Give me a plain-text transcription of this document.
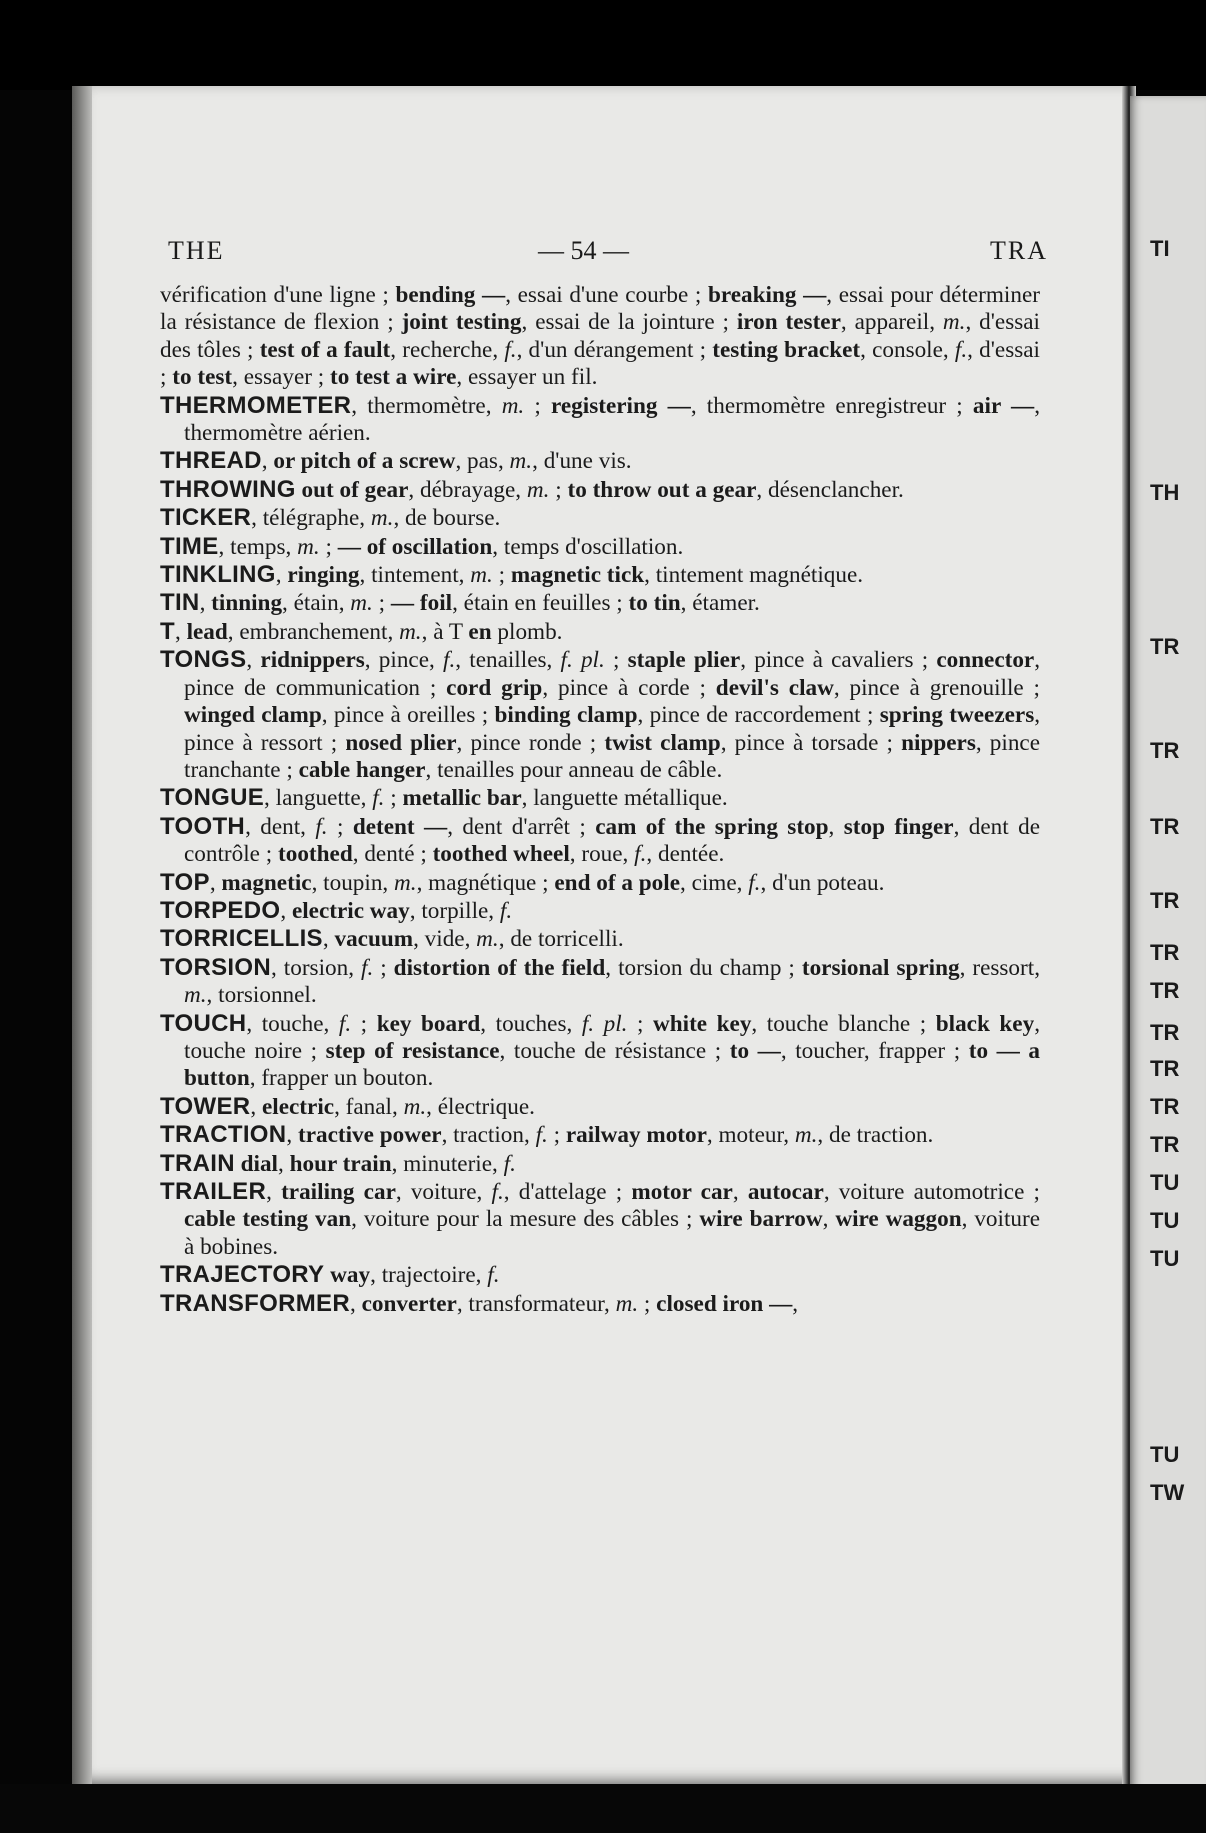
THE	— 54 —	TRA
vérification d'une ligne ; bending —, essai d'une courbe ; breaking —, essai pour déterminer la résistance de flexion ; joint testing, essai de la jointure ; iron tester, appareil, m., d'essai des tôles ; test of a fault, recherche, f., d'un dérangement ; testing bracket, console, f., d'essai ; to test, essayer ; to test a wire, essayer un fil.
THERMOMETER, thermomètre, m. ; registering —, thermomètre enregistreur ; air —, thermomètre aérien.
THREAD, or pitch of a screw, pas, m., d'une vis.
THROWING out of gear, débrayage, m. ; to throw out a gear, désenclancher.
TICKER, télégraphe, m., de bourse.
TIME, temps, m. ; — of oscillation, temps d'oscillation.
TINKLING, ringing, tintement, m. ; magnetic tick, tintement magnétique.
TIN, tinning, étain, m. ; — foil, étain en feuilles ; to tin, étamer.
T, lead, embranchement, m., à T en plomb.
TONGS, ridnippers, pince, f., tenailles, f. pl. ; staple plier, pince à cavaliers ; connector, pince de communication ; cord grip, pince à corde ; devil's claw, pince à grenouille ; winged clamp, pince à oreilles ; binding clamp, pince de raccordement ; spring tweezers, pince à ressort ; nosed plier, pince ronde ; twist clamp, pince à torsade ; nippers, pince tranchante ; cable hanger, tenailles pour anneau de câble.
TONGUE, languette, f. ; metallic bar, languette métallique.
TOOTH, dent, f. ; detent —, dent d'arrêt ; cam of the spring stop, stop finger, dent de contrôle ; toothed, denté ; toothed wheel, roue, f., dentée.
TOP, magnetic, toupin, m., magnétique ; end of a pole, cime, f., d'un poteau.
TORPEDO, electric way, torpille, f.
TORRICELLIS, vacuum, vide, m., de torricelli.
TORSION, torsion, f. ; distortion of the field, torsion du champ ; torsional spring, ressort, m., torsionnel.
TOUCH, touche, f. ; key board, touches, f. pl. ; white key, touche blanche ; black key, touche noire ; step of resistance, touche de résistance ; to —, toucher, frapper ; to — a button, frapper un bouton.
TOWER, electric, fanal, m., électrique.
TRACTION, tractive power, traction, f. ; railway motor, moteur, m., de traction.
TRAIN dial, hour train, minuterie, f.
TRAILER, trailing car, voiture, f., d'attelage ; motor car, autocar, voiture automotrice ; cable testing van, voiture pour la mesure des câbles ; wire barrow, wire waggon, voiture à bobines.
TRAJECTORY way, trajectoire, f.
TRANSFORMER, converter, transformateur, m. ; closed iron —,
TI
TH
TR
TR
TR
TR
TR
TR
TR
TR
TR
TR
TU
TU
TU
TU
TW
